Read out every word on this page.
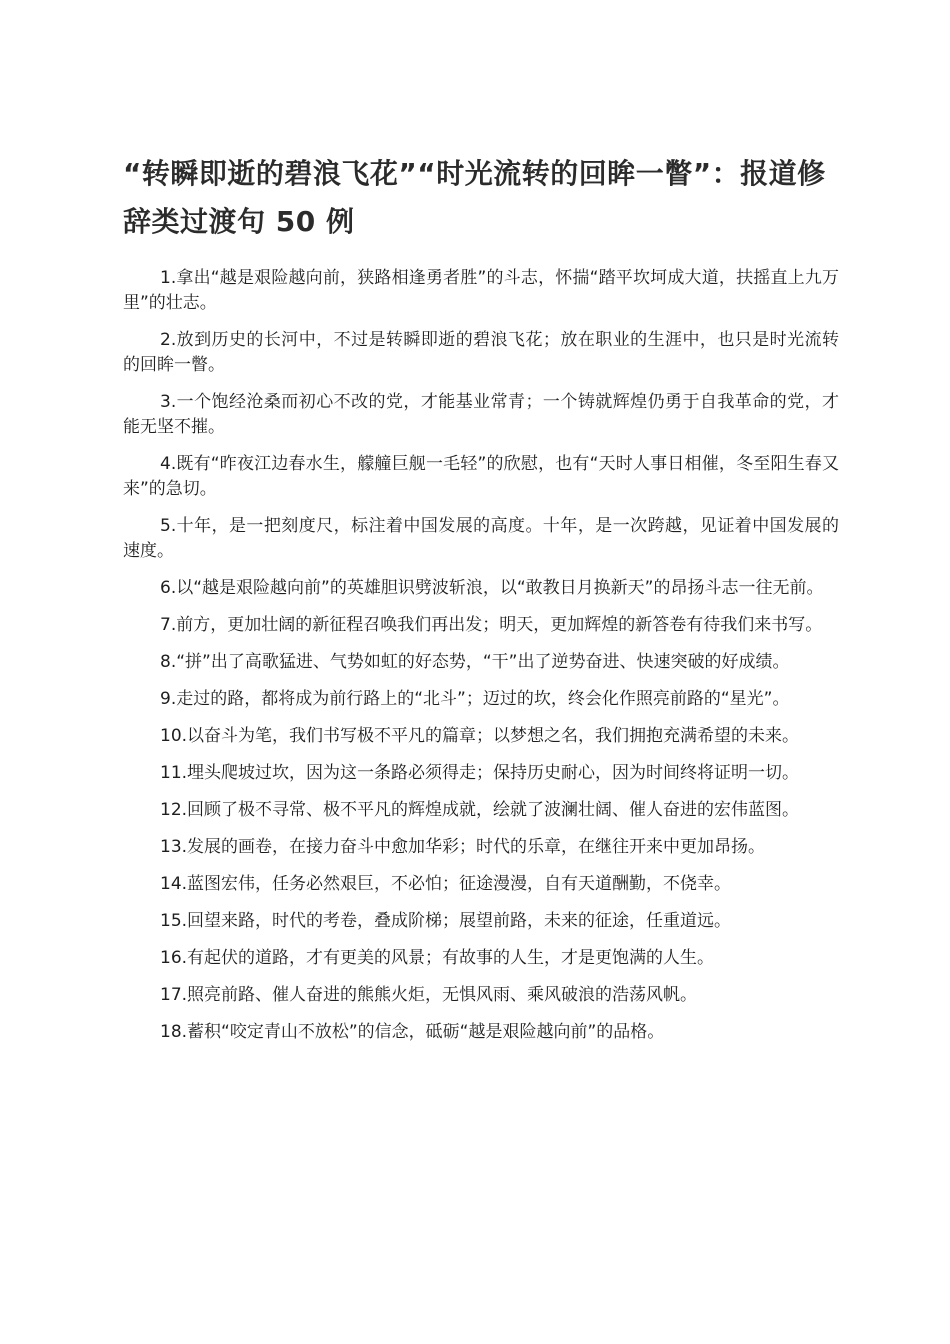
“转瞬即逝的碧浪飞花”“时光流转的回眸一瞥”：报道修辞类过渡句 50 例

1.拿出“越是艰险越向前，狭路相逢勇者胜”的斗志，怀揣“踏平坎坷成大道，扶摇直上九万里”的壮志。

2.放到历史的长河中，不过是转瞬即逝的碧浪飞花；放在职业的生涯中，也只是时光流转的回眸一瞥。

3.一个饱经沧桑而初心不改的党，才能基业常青；一个铸就辉煌仍勇于自我革命的党，才能无坚不摧。

4.既有“昨夜江边春水生，艨艟巨舰一毛轻”的欣慰，也有“天时人事日相催，冬至阳生春又来”的急切。

5.十年，是一把刻度尺，标注着中国发展的高度。十年，是一次跨越，见证着中国发展的速度。

6.以“越是艰险越向前”的英雄胆识劈波斩浪，以“敢教日月换新天”的昂扬斗志一往无前。

7.前方，更加壮阔的新征程召唤我们再出发；明天，更加辉煌的新答卷有待我们来书写。

8.“拼”出了高歌猛进、气势如虹的好态势，“干”出了逆势奋进、快速突破的好成绩。

9.走过的路，都将成为前行路上的“北斗”；迈过的坎，终会化作照亮前路的“星光”。

10.以奋斗为笔，我们书写极不平凡的篇章；以梦想之名，我们拥抱充满希望的未来。

11.埋头爬坡过坎，因为这一条路必须得走；保持历史耐心，因为时间终将证明一切。

12.回顾了极不寻常、极不平凡的辉煌成就，绘就了波澜壮阔、催人奋进的宏伟蓝图。

13.发展的画卷，在接力奋斗中愈加华彩；时代的乐章，在继往开来中更加昂扬。

14.蓝图宏伟，任务必然艰巨，不必怕；征途漫漫，自有天道酬勤，不侥幸。

15.回望来路，时代的考卷，叠成阶梯；展望前路，未来的征途，任重道远。

16.有起伏的道路，才有更美的风景；有故事的人生，才是更饱满的人生。

17.照亮前路、催人奋进的熊熊火炬，无惧风雨、乘风破浪的浩荡风帆。

18.蓄积“咬定青山不放松”的信念，砥砺“越是艰险越向前”的品格。
